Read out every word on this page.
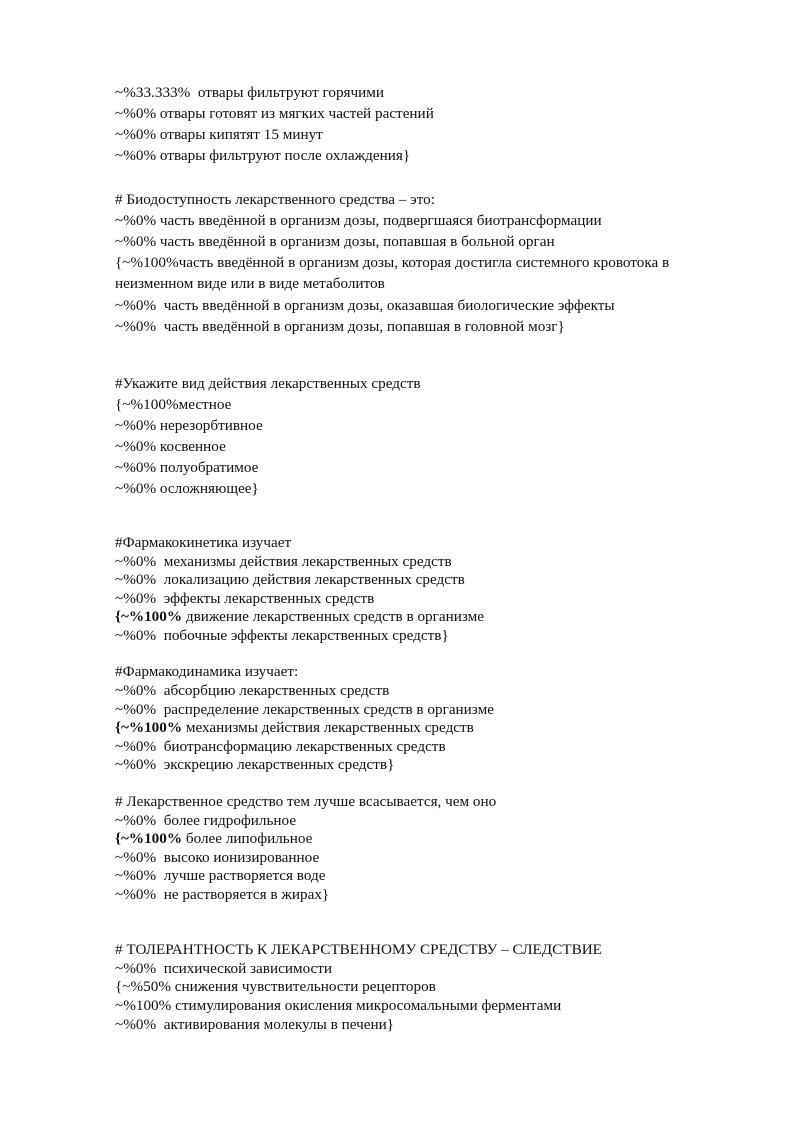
~%33.333%  отвары фильтруют горячими

~%0% отвары готовят из мягких частей растений

~%0% отвары кипятят 15 минут

~%0% отвары фильтруют после охлаждения}

# Биодоступность лекарственного средства – это:

~%0% часть введённой в организм дозы, подвергшаяся биотрансформации

~%0% часть введённой в организм дозы, попавшая в больной орган

{~%100%часть введённой в организм дозы, которая достигла системного кровотока в

неизменном виде или в виде метаболитов

~%0%  часть введённой в организм дозы, оказавшая биологические эффекты

~%0%  часть введённой в организм дозы, попавшая в головной мозг}

#Укажите вид действия лекарственных средств

{~%100%местное

~%0% нерезорбтивное

~%0% косвенное

~%0% полуобратимое

~%0% осложняющее}

#Фармакокинетика изучает

~%0%  механизмы действия лекарственных средств

~%0%  локализацию действия лекарственных средств

~%0%  эффекты лекарственных средств

{~%100% движение лекарственных средств в организме

~%0%  побочные эффекты лекарственных средств}

#Фармакодинамика изучает:

~%0%  абсорбцию лекарственных средств

~%0%  распределение лекарственных средств в организме

{~%100% механизмы действия лекарственных средств

~%0%  биотрансформацию лекарственных средств

~%0%  экскрецию лекарственных средств}

# Лекарственное средство тем лучше всасывается, чем оно

~%0%  более гидрофильное

{~%100% более липофильное

~%0%  высоко ионизированное

~%0%  лучше растворяется воде

~%0%  не растворяется в жирах}

# ТОЛЕРАНТНОСТЬ К ЛЕКАРСТВЕННОМУ СРЕДСТВУ – СЛЕДСТВИЕ

~%0%  психической зависимости

{~%50% снижения чувствительности рецепторов

~%100% стимулирования окисления микросомальными ферментами

~%0%  активирования молекулы в печени}
